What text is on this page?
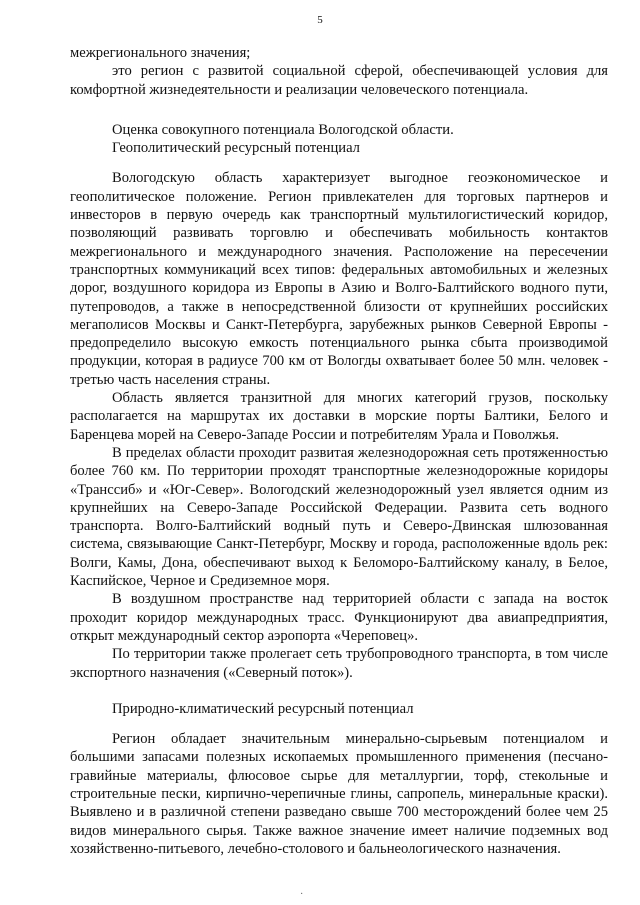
5

межрегионального значения;

это регион с развитой социальной сферой, обеспечивающей условия для комфортной жизнедеятельности и реализации человеческого потенциала.

Оценка совокупного потенциала Вологодской области.

Геополитический ресурсный потенциал

Вологодскую область характеризует выгодное геоэкономическое и геополитическое положение. Регион привлекателен для торговых партнеров и инвесторов в первую очередь как транспортный мультилогистический коридор, позволяющий развивать торговлю и обеспечивать мобильность контактов межрегионального и международного значения. Расположение на пересечении транспортных коммуникаций всех типов: федеральных автомобильных и железных дорог, воздушного коридора из Европы в Азию и Волго-Балтийского водного пути, путепроводов, а также в непосредственной близости от крупнейших российских мегаполисов Москвы и Санкт-Петербурга, зарубежных рынков Северной Европы - предопределило высокую емкость потенциального рынка сбыта производимой продукции, которая в радиусе 700 км от Вологды охватывает более 50 млн. человек - третью часть населения страны.

Область является транзитной для многих категорий грузов, поскольку располагается на маршрутах их доставки в морские порты Балтики, Белого и Баренцева морей на Северо-Западе России и потребителям Урала и Поволжья.

В пределах области проходит развитая железнодорожная сеть протяженностью более 760 км. По территории проходят транспортные железнодорожные коридоры «Транссиб» и «Юг-Север». Вологодский железнодорожный узел является одним из крупнейших на Северо-Западе Российской Федерации. Развита сеть водного транспорта. Волго-Балтийский водный путь и Северо-Двинская шлюзованная система, связывающие Санкт-Петербург, Москву и города, расположенные вдоль рек: Волги, Камы, Дона, обеспечивают выход к Беломоро-Балтийскому каналу, в Белое, Каспийское, Черное и Средиземное моря.

В воздушном пространстве над территорией области с запада на восток проходит коридор международных трасс. Функционируют два авиапредприятия, открыт международный сектор аэропорта «Череповец».

По территории также пролегает сеть трубопроводного транспорта, в том числе экспортного назначения («Северный поток»).

Природно-климатический ресурсный потенциал

Регион обладает значительным минерально-сырьевым потенциалом и большими запасами полезных ископаемых промышленного применения (песчано-гравийные материалы, флюсовое сырье для металлургии, торф, стекольные и строительные пески, кирпично-черепичные глины, сапропель, минеральные краски). Выявлено и в различной степени разведано свыше 700 месторождений более чем 25 видов минерального сырья. Также важное значение имеет наличие подземных вод хозяйственно-питьевого, лечебно-столового и бальнеологического назначения.

·
